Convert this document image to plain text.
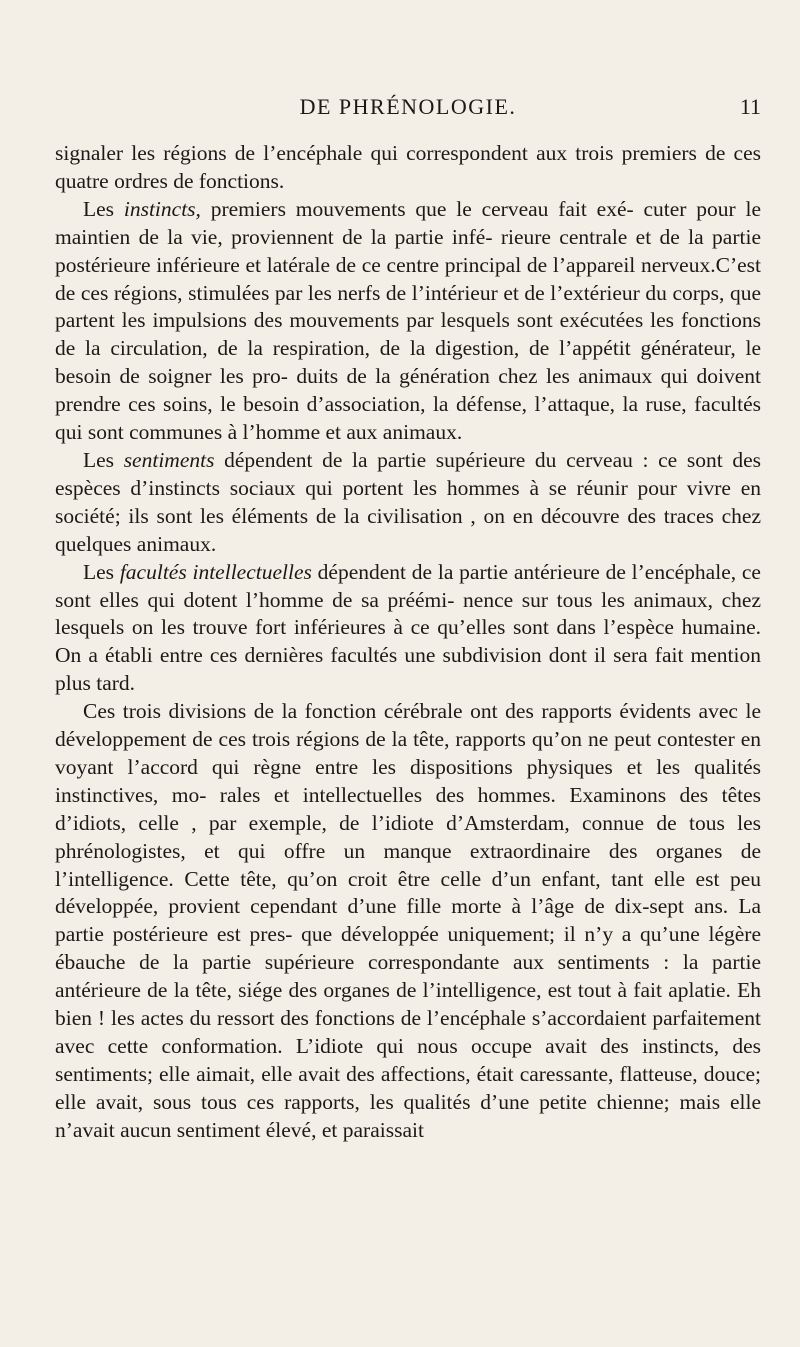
DE PHRÉNOLOGIE.	11

signaler les régions de l’encéphale qui correspondent aux trois premiers de ces quatre ordres de fonctions.

Les instincts, premiers mouvements que le cerveau fait exé- cuter pour le maintien de la vie, proviennent de la partie infé- rieure centrale et de la partie postérieure inférieure et latérale de ce centre principal de l’appareil nerveux.C’est de ces régions, stimulées par les nerfs de l’intérieur et de l’extérieur du corps, que partent les impulsions des mouvements par lesquels sont exécutées les fonctions de la circulation, de la respiration, de la digestion, de l’appétit générateur, le besoin de soigner les pro- duits de la génération chez les animaux qui doivent prendre ces soins, le besoin d’association, la défense, l’attaque, la ruse, facultés qui sont communes à l’homme et aux animaux.

Les sentiments dépendent de la partie supérieure du cerveau : ce sont des espèces d’instincts sociaux qui portent les hommes à se réunir pour vivre en société; ils sont les éléments de la civilisation , on en découvre des traces chez quelques animaux.

Les facultés intellectuelles dépendent de la partie antérieure de l’encéphale, ce sont elles qui dotent l’homme de sa préémi- nence sur tous les animaux, chez lesquels on les trouve fort inférieures à ce qu’elles sont dans l’espèce humaine. On a établi entre ces dernières facultés une subdivision dont il sera fait mention plus tard.

Ces trois divisions de la fonction cérébrale ont des rapports évidents avec le développement de ces trois régions de la tête, rapports qu’on ne peut contester en voyant l’accord qui règne entre les dispositions physiques et les qualités instinctives, mo- rales et intellectuelles des hommes. Examinons des têtes d’idiots, celle , par exemple, de l’idiote d’Amsterdam, connue de tous les phrénologistes, et qui offre un manque extraordinaire des organes de l’intelligence. Cette tête, qu’on croit être celle d’un enfant, tant elle est peu développée, provient cependant d’une fille morte à l’âge de dix-sept ans. La partie postérieure est pres- que développée uniquement; il n’y a qu’une légère ébauche de la partie supérieure correspondante aux sentiments : la partie antérieure de la tête, siége des organes de l’intelligence, est tout à fait aplatie. Eh bien ! les actes du ressort des fonctions de l’encéphale s’accordaient parfaitement avec cette conformation. L’idiote qui nous occupe avait des instincts, des sentiments; elle aimait, elle avait des affections, était caressante, flatteuse, douce; elle avait, sous tous ces rapports, les qualités d’une petite chienne; mais elle n’avait aucun sentiment élevé, et paraissait
